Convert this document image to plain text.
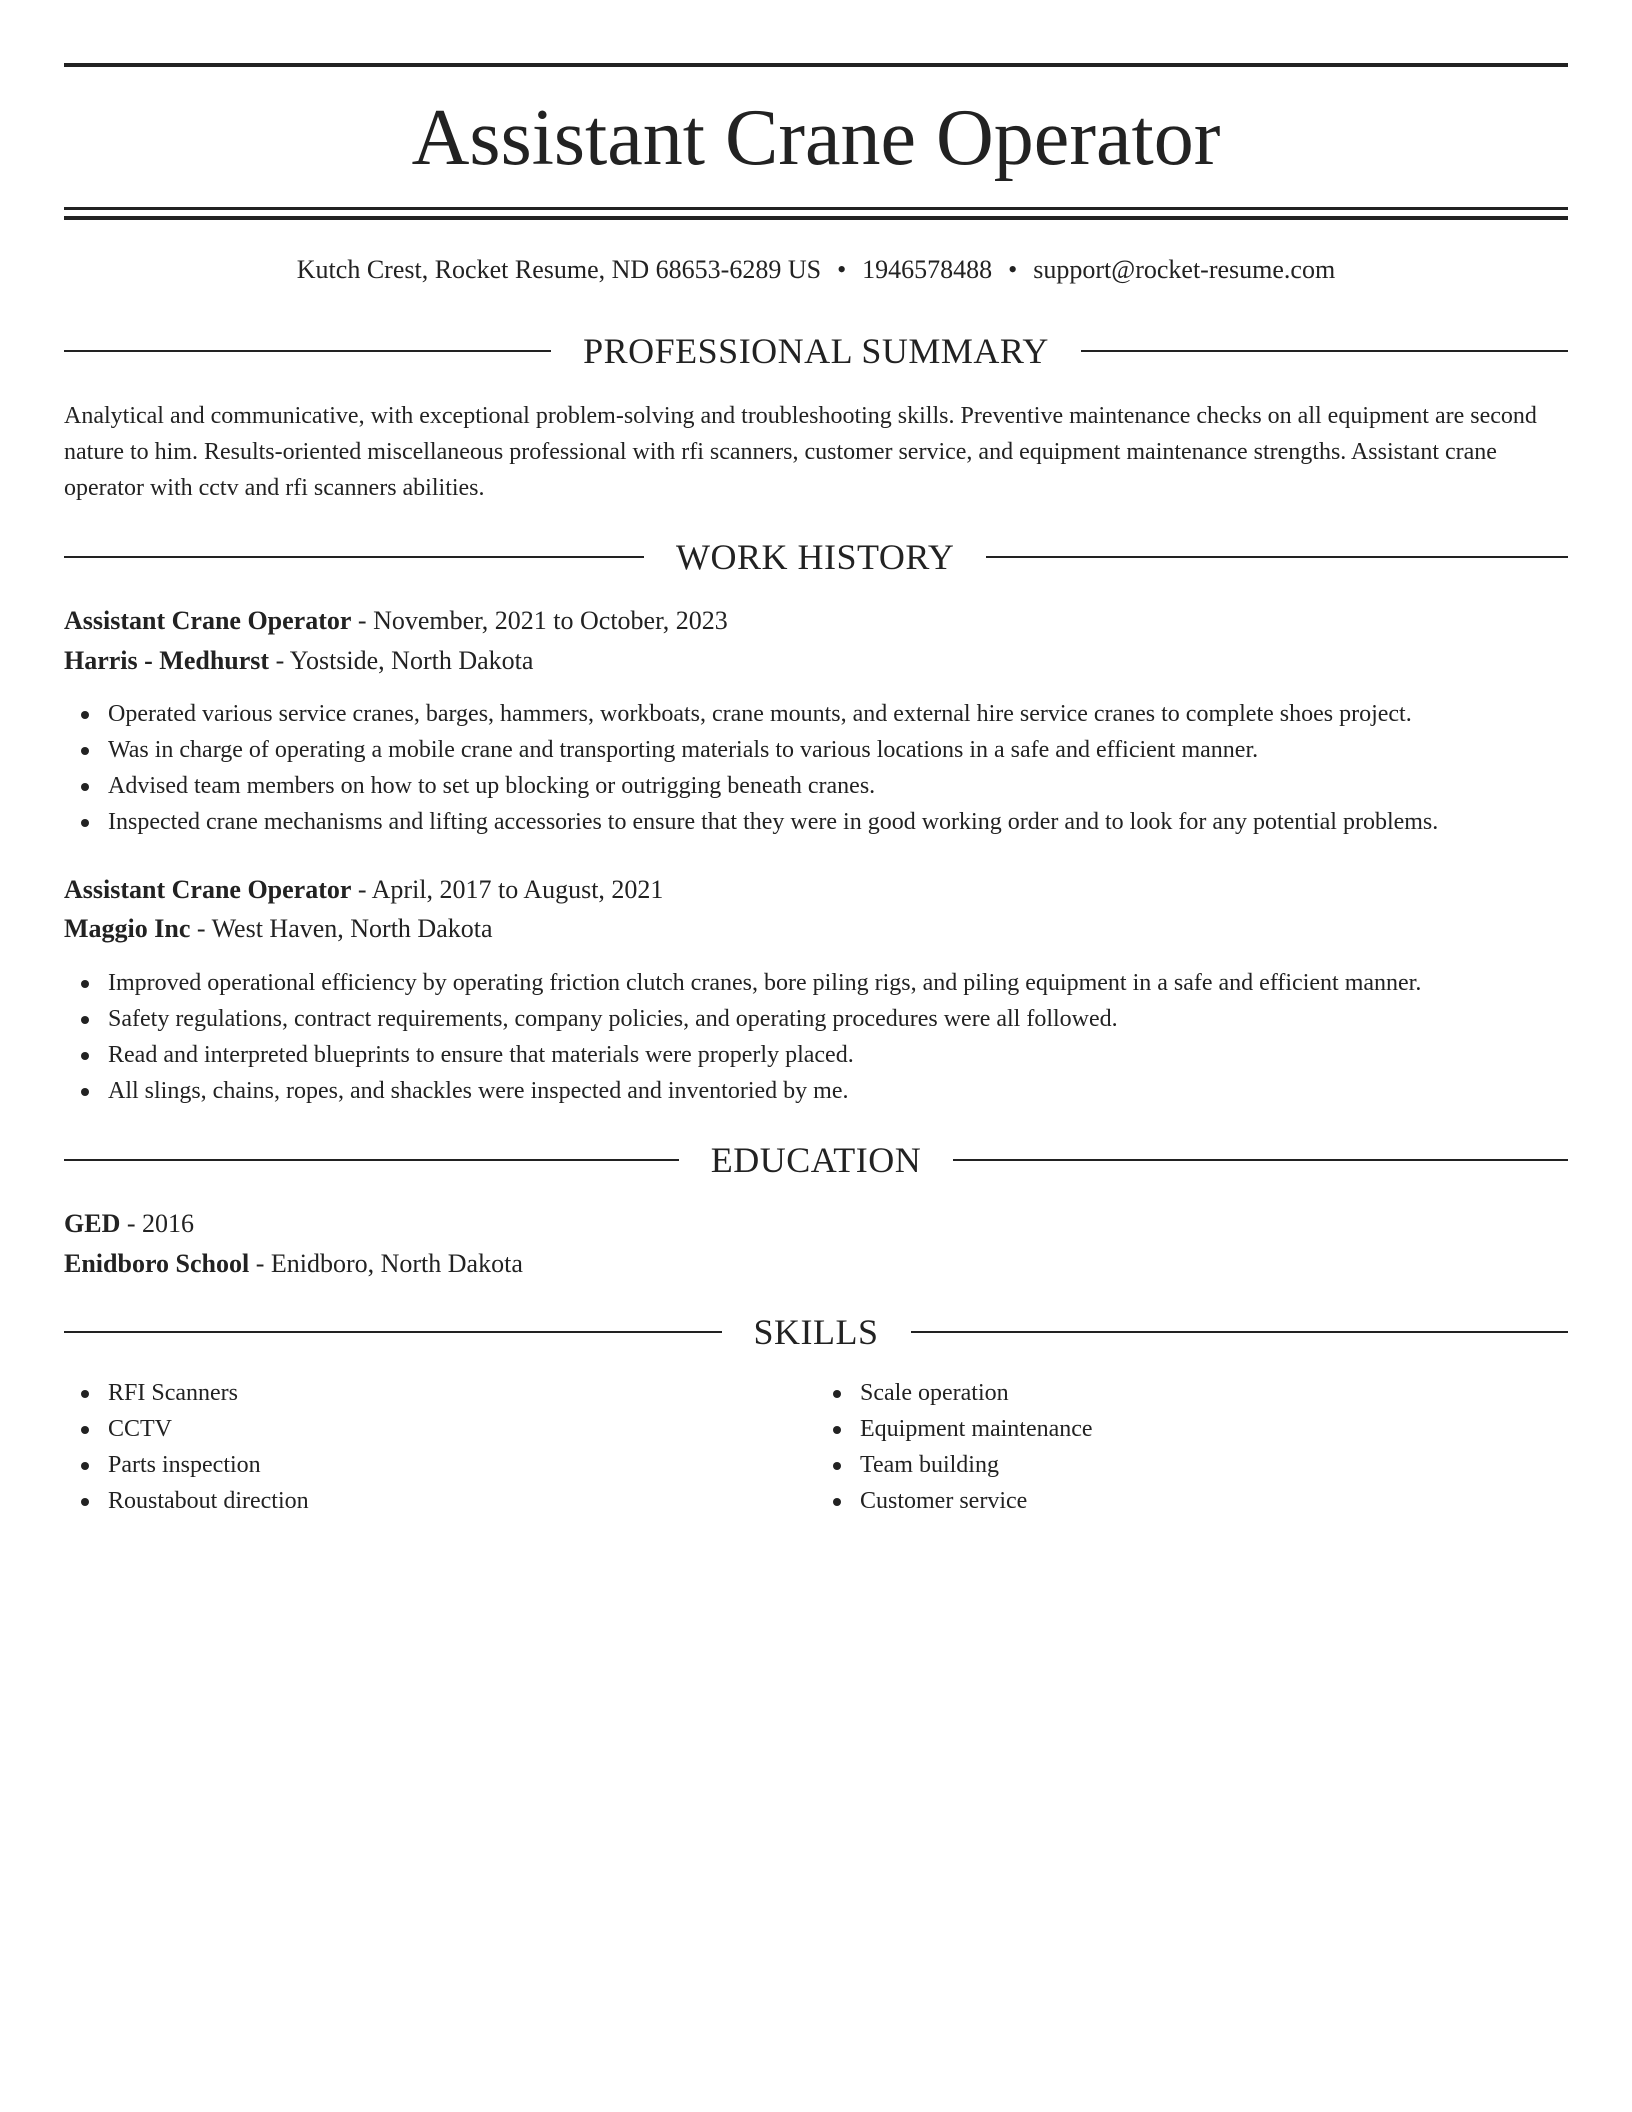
Assistant Crane Operator
Kutch Crest, Rocket Resume, ND 68653-6289 US • 1946578488 • support@rocket-resume.com
PROFESSIONAL SUMMARY
Analytical and communicative, with exceptional problem-solving and troubleshooting skills. Preventive maintenance checks on all equipment are second nature to him. Results-oriented miscellaneous professional with rfi scanners, customer service, and equipment maintenance strengths. Assistant crane operator with cctv and rfi scanners abilities.
WORK HISTORY
Assistant Crane Operator - November, 2021 to October, 2023
Harris - Medhurst - Yostside, North Dakota
Operated various service cranes, barges, hammers, workboats, crane mounts, and external hire service cranes to complete shoes project.
Was in charge of operating a mobile crane and transporting materials to various locations in a safe and efficient manner.
Advised team members on how to set up blocking or outrigging beneath cranes.
Inspected crane mechanisms and lifting accessories to ensure that they were in good working order and to look for any potential problems.
Assistant Crane Operator - April, 2017 to August, 2021
Maggio Inc - West Haven, North Dakota
Improved operational efficiency by operating friction clutch cranes, bore piling rigs, and piling equipment in a safe and efficient manner.
Safety regulations, contract requirements, company policies, and operating procedures were all followed.
Read and interpreted blueprints to ensure that materials were properly placed.
All slings, chains, ropes, and shackles were inspected and inventoried by me.
EDUCATION
GED - 2016
Enidboro School - Enidboro, North Dakota
SKILLS
RFI Scanners
CCTV
Parts inspection
Roustabout direction
Scale operation
Equipment maintenance
Team building
Customer service
